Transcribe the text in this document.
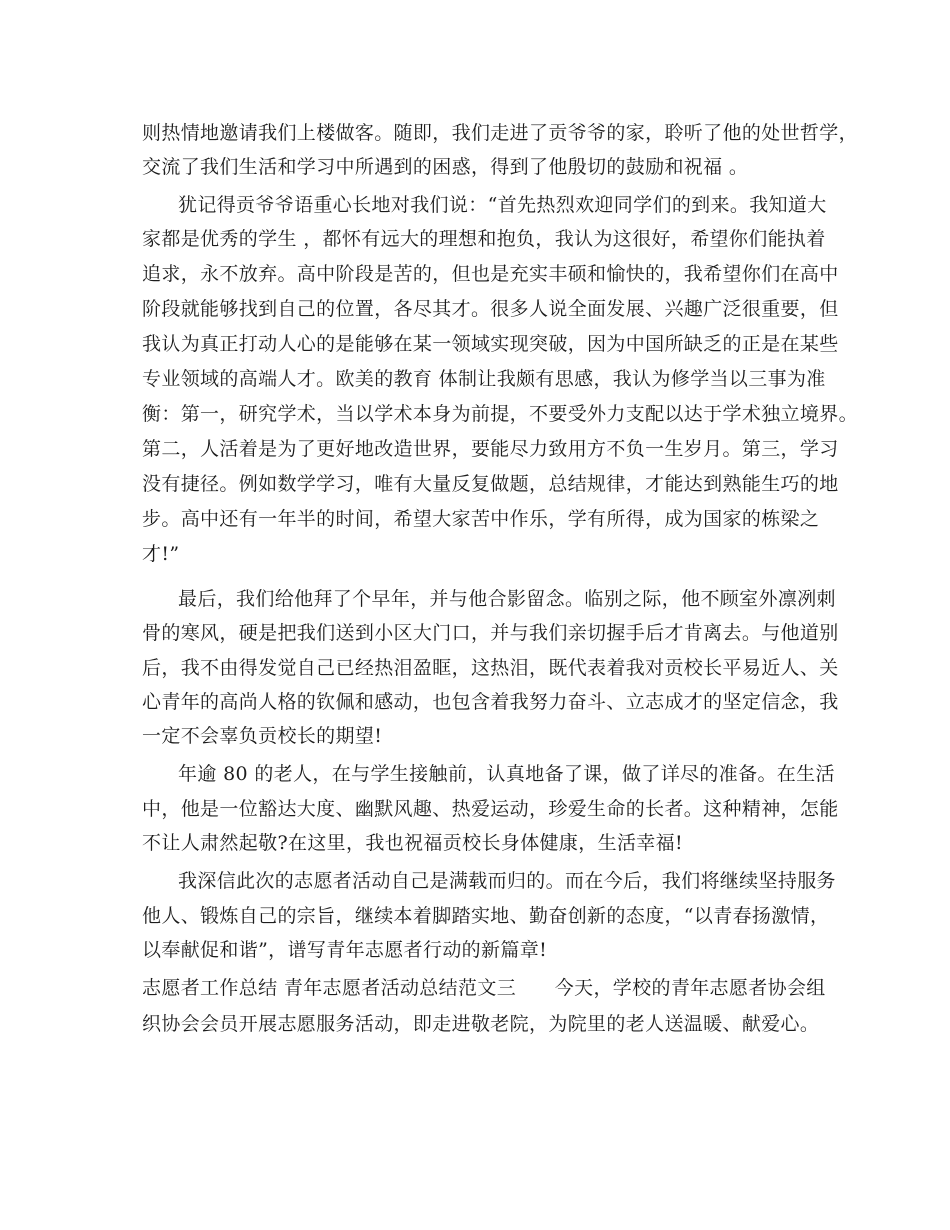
则热情地邀请我们上楼做客。随即，我们走进了贡爷爷的家，聆听了他的处世哲学，
交流了我们生活和学习中所遇到的困惑，得到了他殷切的鼓励和祝福 。
犹记得贡爷爷语重心长地对我们说：“首先热烈欢迎同学们的到来。我知道大
家都是优秀的学生 ，都怀有远大的理想和抱负，我认为这很好，希望你们能执着
追求，永不放弃。高中阶段是苦的，但也是充实丰硕和愉快的，我希望你们在高中
阶段就能够找到自己的位置，各尽其才。很多人说全面发展、兴趣广泛很重要，但
我认为真正打动人心的是能够在某一领域实现突破，因为中国所缺乏的正是在某些
专业领域的高端人才。欧美的教育 体制让我颇有思感，我认为修学当以三事为准
衡：第一，研究学术，当以学术本身为前提，不要受外力支配以达于学术独立境界。
第二，人活着是为了更好地改造世界，要能尽力致用方不负一生岁月。第三，学习
没有捷径。例如数学学习，唯有大量反复做题，总结规律，才能达到熟能生巧的地
步。高中还有一年半的时间，希望大家苦中作乐，学有所得，成为国家的栋梁之
才!”
最后，我们给他拜了个早年，并与他合影留念。临别之际，他不顾室外凛冽刺
骨的寒风，硬是把我们送到小区大门口，并与我们亲切握手后才肯离去。与他道别
后，我不由得发觉自己已经热泪盈眶，这热泪，既代表着我对贡校长平易近人、关
心青年的高尚人格的钦佩和感动，也包含着我努力奋斗、立志成才的坚定信念，我
一定不会辜负贡校长的期望!
年逾 80 的老人，在与学生接触前，认真地备了课，做了详尽的准备。在生活
中，他是一位豁达大度、幽默风趣、热爱运动，珍爱生命的长者。这种精神，怎能
不让人肃然起敬?在这里，我也祝福贡校长身体健康，生活幸福!
我深信此次的志愿者活动自己是满载而归的。而在今后，我们将继续坚持服务
他人、锻炼自己的宗旨，继续本着脚踏实地、勤奋创新的态度，“以青春扬激情，
以奉献促和谐”，谱写青年志愿者行动的新篇章!
志愿者工作总结 青年志愿者活动总结范文三　　今天，学校的青年志愿者协会组
织协会会员开展志愿服务活动，即走进敬老院，为院里的老人送温暖、献爱心。
